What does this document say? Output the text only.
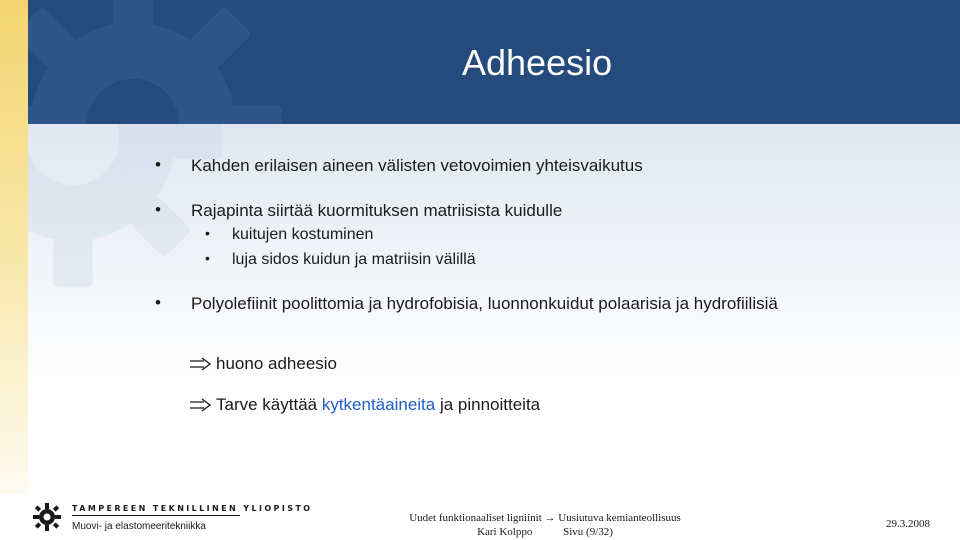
Adheesio
• Kahden erilaisen aineen välisten vetovoimien yhteisvaikutus
• Rajapinta siirtää kuormituksen matriisista kuidulle
• kuitujen kostuminen
• luja sidos kuidun ja matriisin välillä
• Polyolefiinit poolittomia ja hydrofobisia, luonnonkuidut polaarisia ja hydrofiilisiä
huono adheesio
Tarve käyttää kytkentäaineita ja pinnoitteita
TAMPEREEN TEKNILLINEN YLIOPISTO
Muovi- ja elastomeeritekniikka
Uudet funktionaaliset ligniinit → Uusiutuva kemianteollisuus
Kari Kolppo	Sivu (9/32)
29.3.2008
